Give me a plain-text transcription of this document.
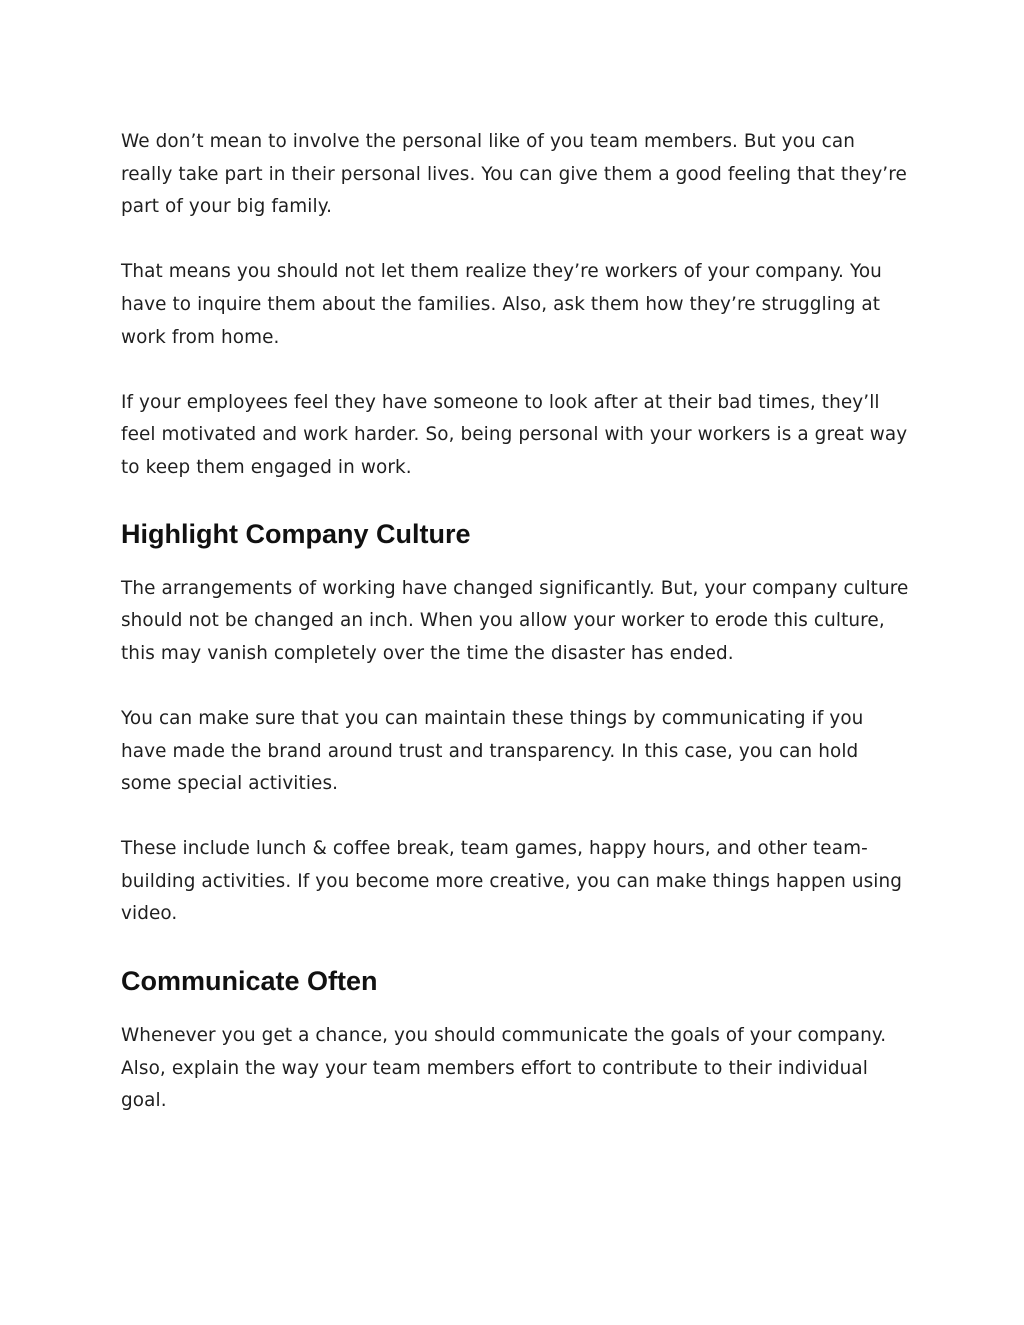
We don’t mean to involve the personal like of you team members. But you can really take part in their personal lives. You can give them a good feeling that they’re part of your big family.

That means you should not let them realize they’re workers of your company. You have to inquire them about the families. Also, ask them how they’re struggling at work from home.

If your employees feel they have someone to look after at their bad times, they’ll feel motivated and work harder. So, being personal with your workers is a great way to keep them engaged in work.

Highlight Company Culture

The arrangements of working have changed significantly. But, your company culture should not be changed an inch. When you allow your worker to erode this culture, this may vanish completely over the time the disaster has ended.

You can make sure that you can maintain these things by communicating if you have made the brand around trust and transparency. In this case, you can hold some special activities.

These include lunch & coffee break, team games, happy hours, and other team-building activities. If you become more creative, you can make things happen using video.

Communicate Often

Whenever you get a chance, you should communicate the goals of your company. Also, explain the way your team members effort to contribute to their individual goal.
